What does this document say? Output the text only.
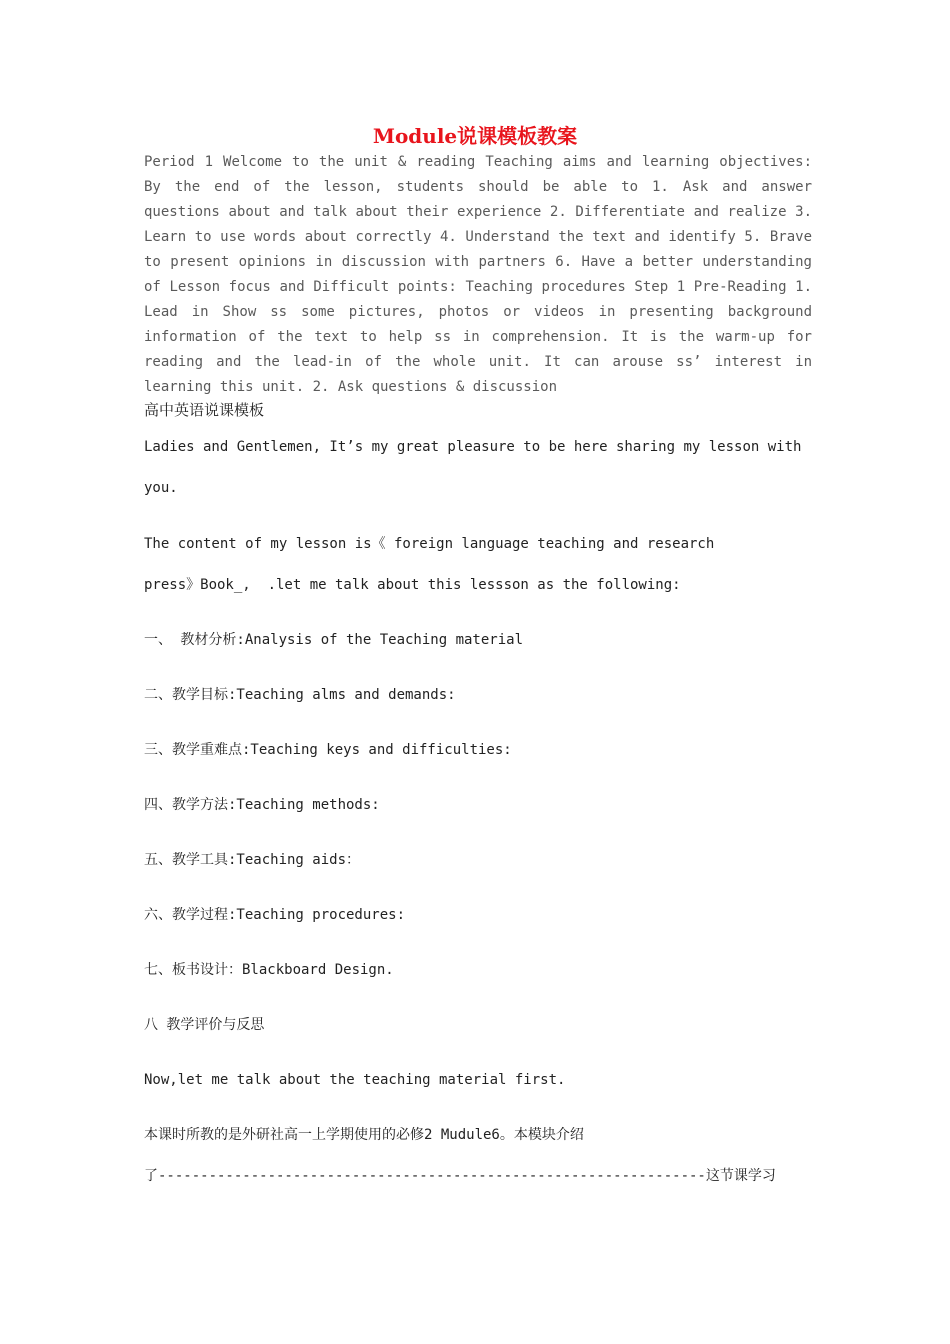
Module说课模板教案
Period 1 Welcome to the unit & reading Teaching aims and learning objectives: By the end of the lesson, students should be able to 1. Ask and answer questions about and talk about their experience 2. Differentiate and realize 3. Learn to use words about correctly 4. Understand the text and identify 5. Brave to present opinions in discussion with partners 6. Have a better understanding of Lesson focus and Difficult points: Teaching procedures Step 1 Pre-Reading 1. Lead in Show ss some pictures, photos or videos in presenting background information of the text to help ss in comprehension. It is the warm-up for reading and the lead-in of the whole unit. It can arouse ss’ interest in learning this unit. 2. Ask questions & discussion
高中英语说课模板
Ladies and Gentlemen, It’s my great pleasure to be here sharing my lesson with
you.
The content of my lesson is《 foreign language teaching and research
press》Book_,  .let me talk about this lessson as the following:
一、 教材分析:Analysis of the Teaching material
二、教学目标:Teaching alms and demands:
三、教学重难点:Teaching keys and difficulties:
四、教学方法:Teaching methods:
五、教学工具:Teaching aids：
六、教学过程:Teaching procedures:
七、板书设计：Blackboard Design.
八 教学评价与反思
Now,let me talk about the teaching material first.
本课时所教的是外研社高一上学期使用的必修2 Mudule6。本模块介绍
了-----------------------------------------------------------------这节课学习
